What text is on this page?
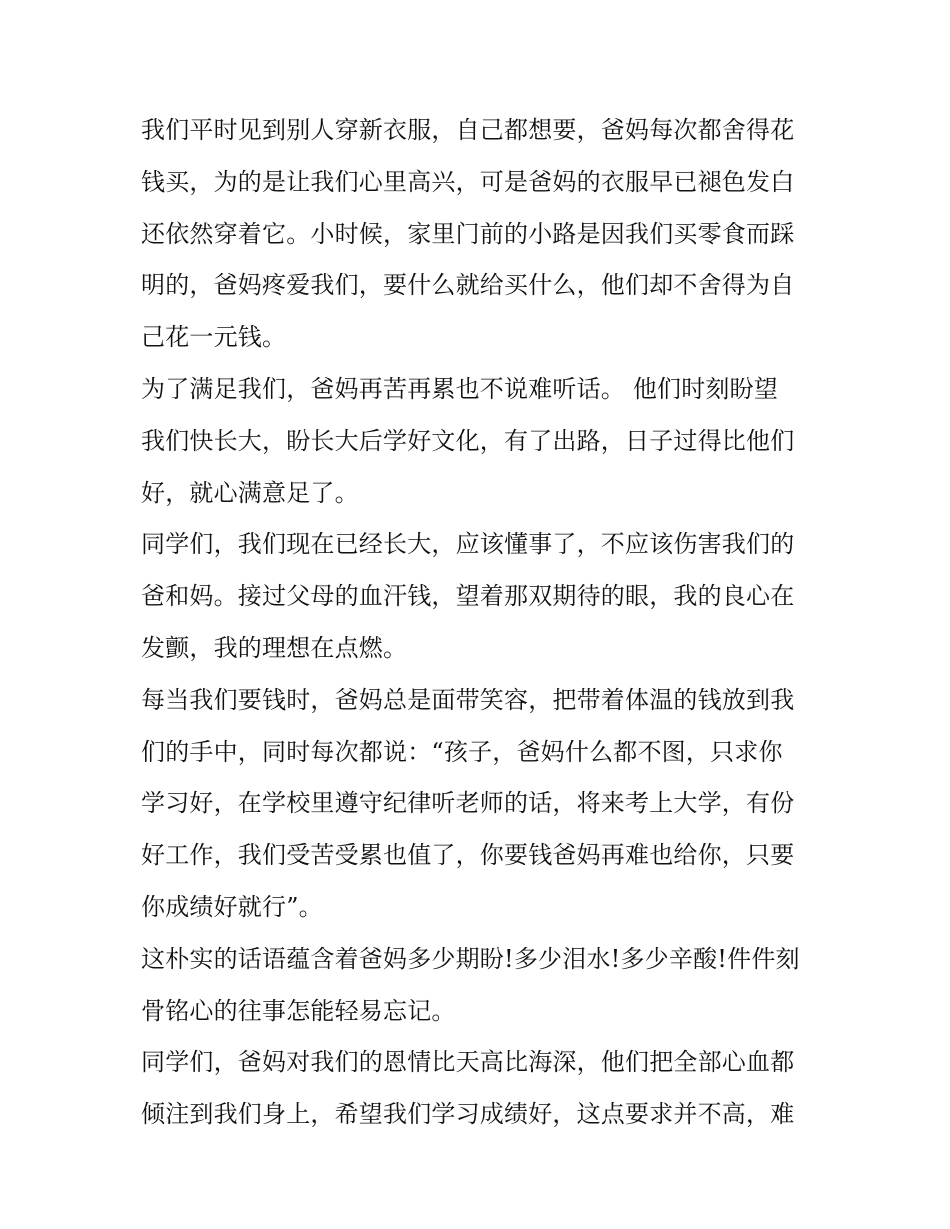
我们平时见到别人穿新衣服，自己都想要，爸妈每次都舍得花
钱买，为的是让我们心里高兴，可是爸妈的衣服早已褪色发白
还依然穿着它。小时候，家里门前的小路是因我们买零食而踩
明的，爸妈疼爱我们，要什么就给买什么，他们却不舍得为自
己花一元钱。
为了满足我们，爸妈再苦再累也不说难听话。 他们时刻盼望
我们快长大，盼长大后学好文化，有了出路，日子过得比他们
好，就心满意足了。
同学们，我们现在已经长大，应该懂事了，不应该伤害我们的
爸和妈。接过父母的血汗钱，望着那双期待的眼，我的良心在
发颤，我的理想在点燃。
每当我们要钱时，爸妈总是面带笑容，把带着体温的钱放到我
们的手中，同时每次都说：“孩子，爸妈什么都不图，只求你
学习好，在学校里遵守纪律听老师的话，将来考上大学，有份
好工作，我们受苦受累也值了，你要钱爸妈再难也给你，只要
你成绩好就行”。
这朴实的话语蕴含着爸妈多少期盼!多少泪水!多少辛酸!件件刻
骨铭心的往事怎能轻易忘记。
同学们，爸妈对我们的恩情比天高比海深，他们把全部心血都
倾注到我们身上，希望我们学习成绩好，这点要求并不高，难
